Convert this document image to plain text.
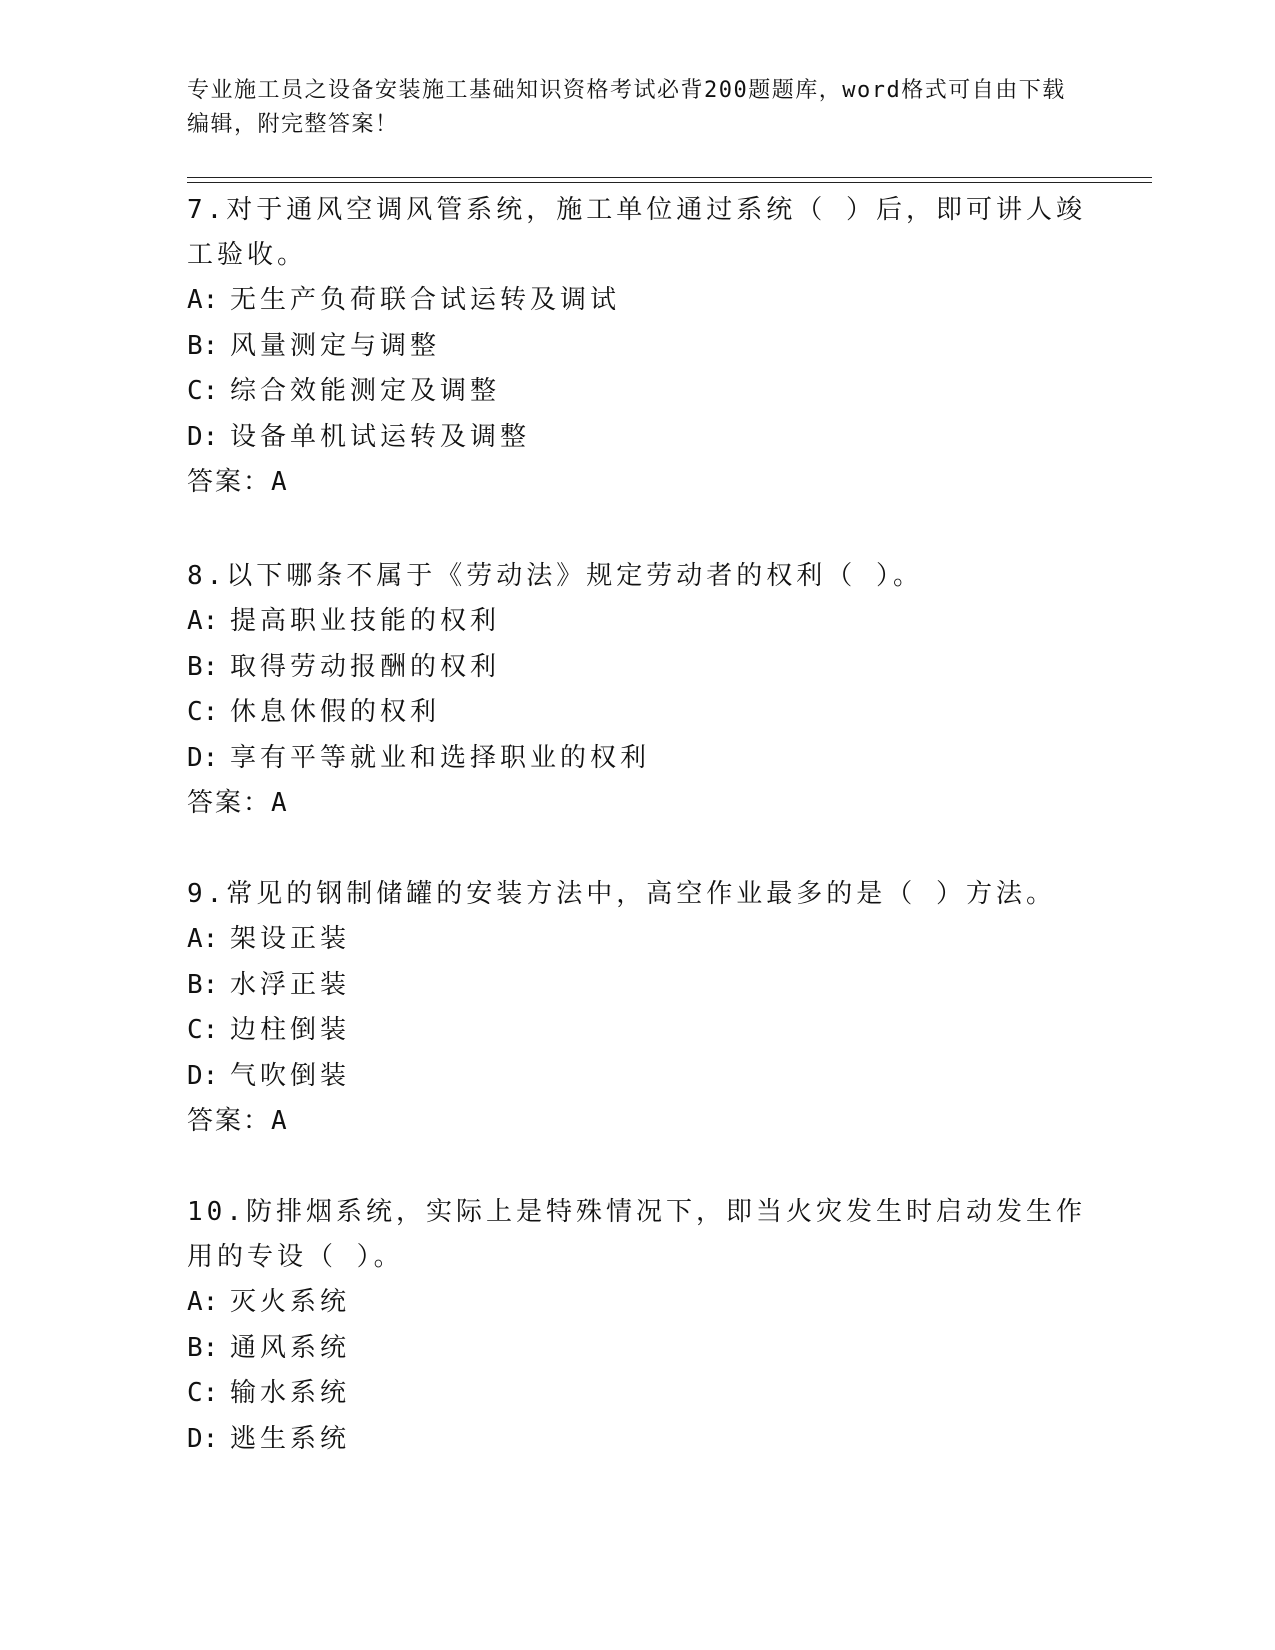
专业施工员之设备安装施工基础知识资格考试必背200题题库，word格式可自由下载编辑，附完整答案！

7.对于通风空调风管系统，施工单位通过系统（ ）后，即可讲人竣工验收。

A: 无生产负荷联合试运转及调试

B: 风量测定与调整

C: 综合效能测定及调整

D: 设备单机试运转及调整

答案：A

8.以下哪条不属于《劳动法》规定劳动者的权利（ ）。

A: 提高职业技能的权利

B: 取得劳动报酬的权利

C: 休息休假的权利

D: 享有平等就业和选择职业的权利

答案：A

9.常见的钢制储罐的安装方法中，高空作业最多的是（ ）方法。

A: 架设正装

B: 水浮正装

C: 边柱倒装

D: 气吹倒装

答案：A

10.防排烟系统，实际上是特殊情况下，即当火灾发生时启动发生作用的专设（ ）。

A: 灭火系统

B: 通风系统

C: 输水系统

D: 逃生系统
